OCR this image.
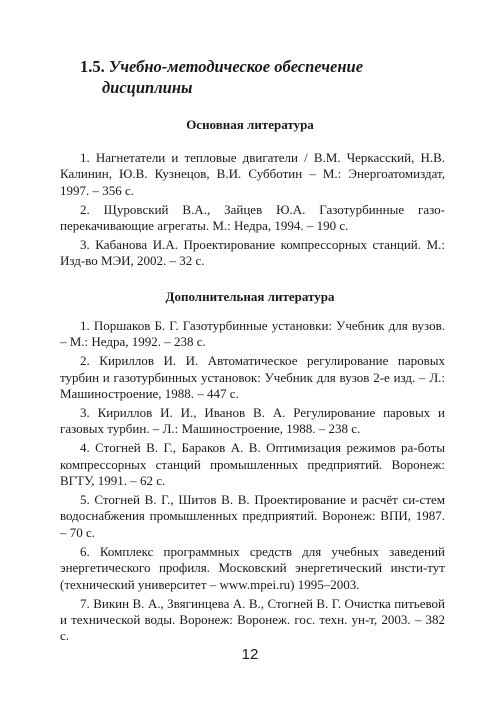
1.5. Учебно-методическое обеспечение
дисциплины
Основная литература

1. Нагнетатели и тепловые двигатели / В.М. Черкасский, Н.В. Калинин, Ю.В. Кузнецов, В.И. Субботин – М.: Энергоатомиздат, 1997. – 356 с.

2. Щуровский В.А., Зайцев Ю.А. Газотурбинные газо-перекачивающие агрегаты. М.: Недра, 1994. – 190 с.

3. Кабанова И.А. Проектирование компрессорных станций. М.: Изд-во МЭИ, 2002. – 32 с.

Дополнительная литература

1. Поршаков Б. Г. Газотурбинные установки: Учебник для вузов. – М.: Недра, 1992. – 238 с.

2. Кириллов И. И. Автоматическое регулирование паровых турбин и газотурбинных установок: Учебник для вузов 2-е изд. – Л.: Машиностроение, 1988. – 447 с.

3. Кириллов И. И., Иванов В. А. Регулирование паровых и газовых турбин. – Л.: Машиностроение, 1988. – 238 с.

4. Стогней В. Г., Бараков А. В. Оптимизация режимов ра-боты компрессорных станций промышленных предприятий. Воронеж: ВГТУ, 1991. – 62 с.

5. Стогней В. Г., Шитов В. В. Проектирование и расчёт си-стем водоснабжения промышленных предприятий. Воронеж: ВПИ, 1987. – 70 с.

6. Комплекс программных средств для учебных заведений энергетического профиля. Московский энергетический инсти-тут (технический университет – www.mpei.ru) 1995–2003.

7. Викин В. А., Звягинцева А. В., Стогней В. Г. Очистка питьевой и технической воды. Воронеж: Воронеж. гос. техн. ун-т, 2003. – 382 с.

12
